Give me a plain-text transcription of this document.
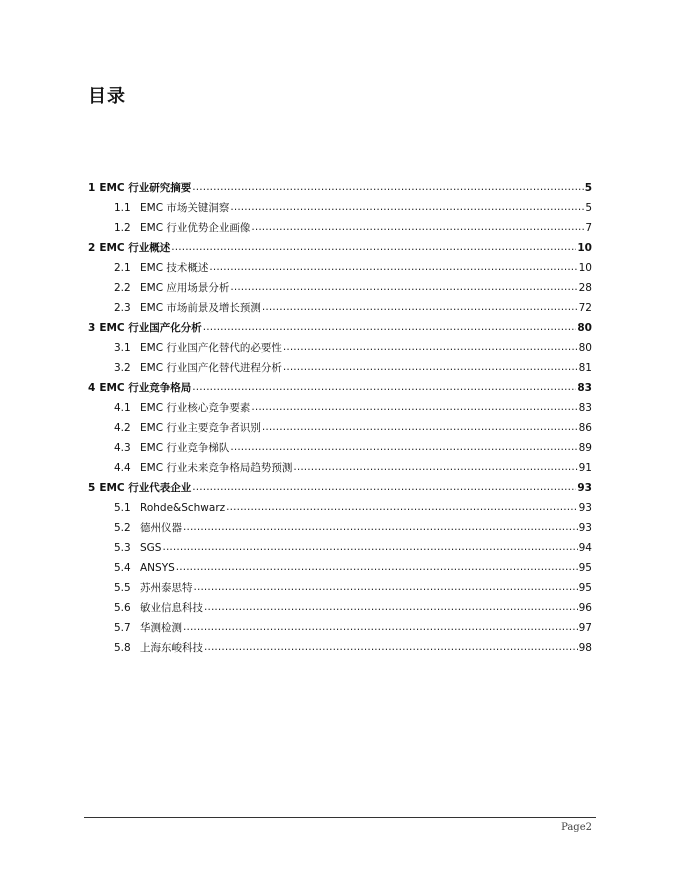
目录
1 EMC 行业研究摘要 . . .	5
1.1 EMC 市场关键洞察 . . .	5
1.2 EMC 行业优势企业画像 . . .	7
2 EMC 行业概述 . . .	10
2.1 EMC 技术概述 . . .	10
2.2 EMC 应用场景分析 . . .	28
2.3 EMC 市场前景及增长预测 . . .	72
3 EMC 行业国产化分析 . . .	80
3.1 EMC 行业国产化替代的必要性 . . .	80
3.2 EMC 行业国产化替代进程分析 . . .	81
4 EMC 行业竞争格局 . . .	83
4.1 EMC 行业核心竞争要素 . . .	83
4.2 EMC 行业主要竞争者识别 . . .	86
4.3 EMC 行业竞争梯队 . . .	89
4.4 EMC 行业未来竞争格局趋势预测 . . .	91
5 EMC 行业代表企业 . . .	93
5.1 Rohde&Schwarz . . .	93
5.2 德州仪器 . . .	93
5.3 SGS . . .	94
5.4 ANSYS . . .	95
5.5 苏州泰思特 . . .	95
5.6 敏业信息科技 . . .	96
5.7 华测检测 . . .	97
5.8 上海东峻科技 . . .	98
Page2
